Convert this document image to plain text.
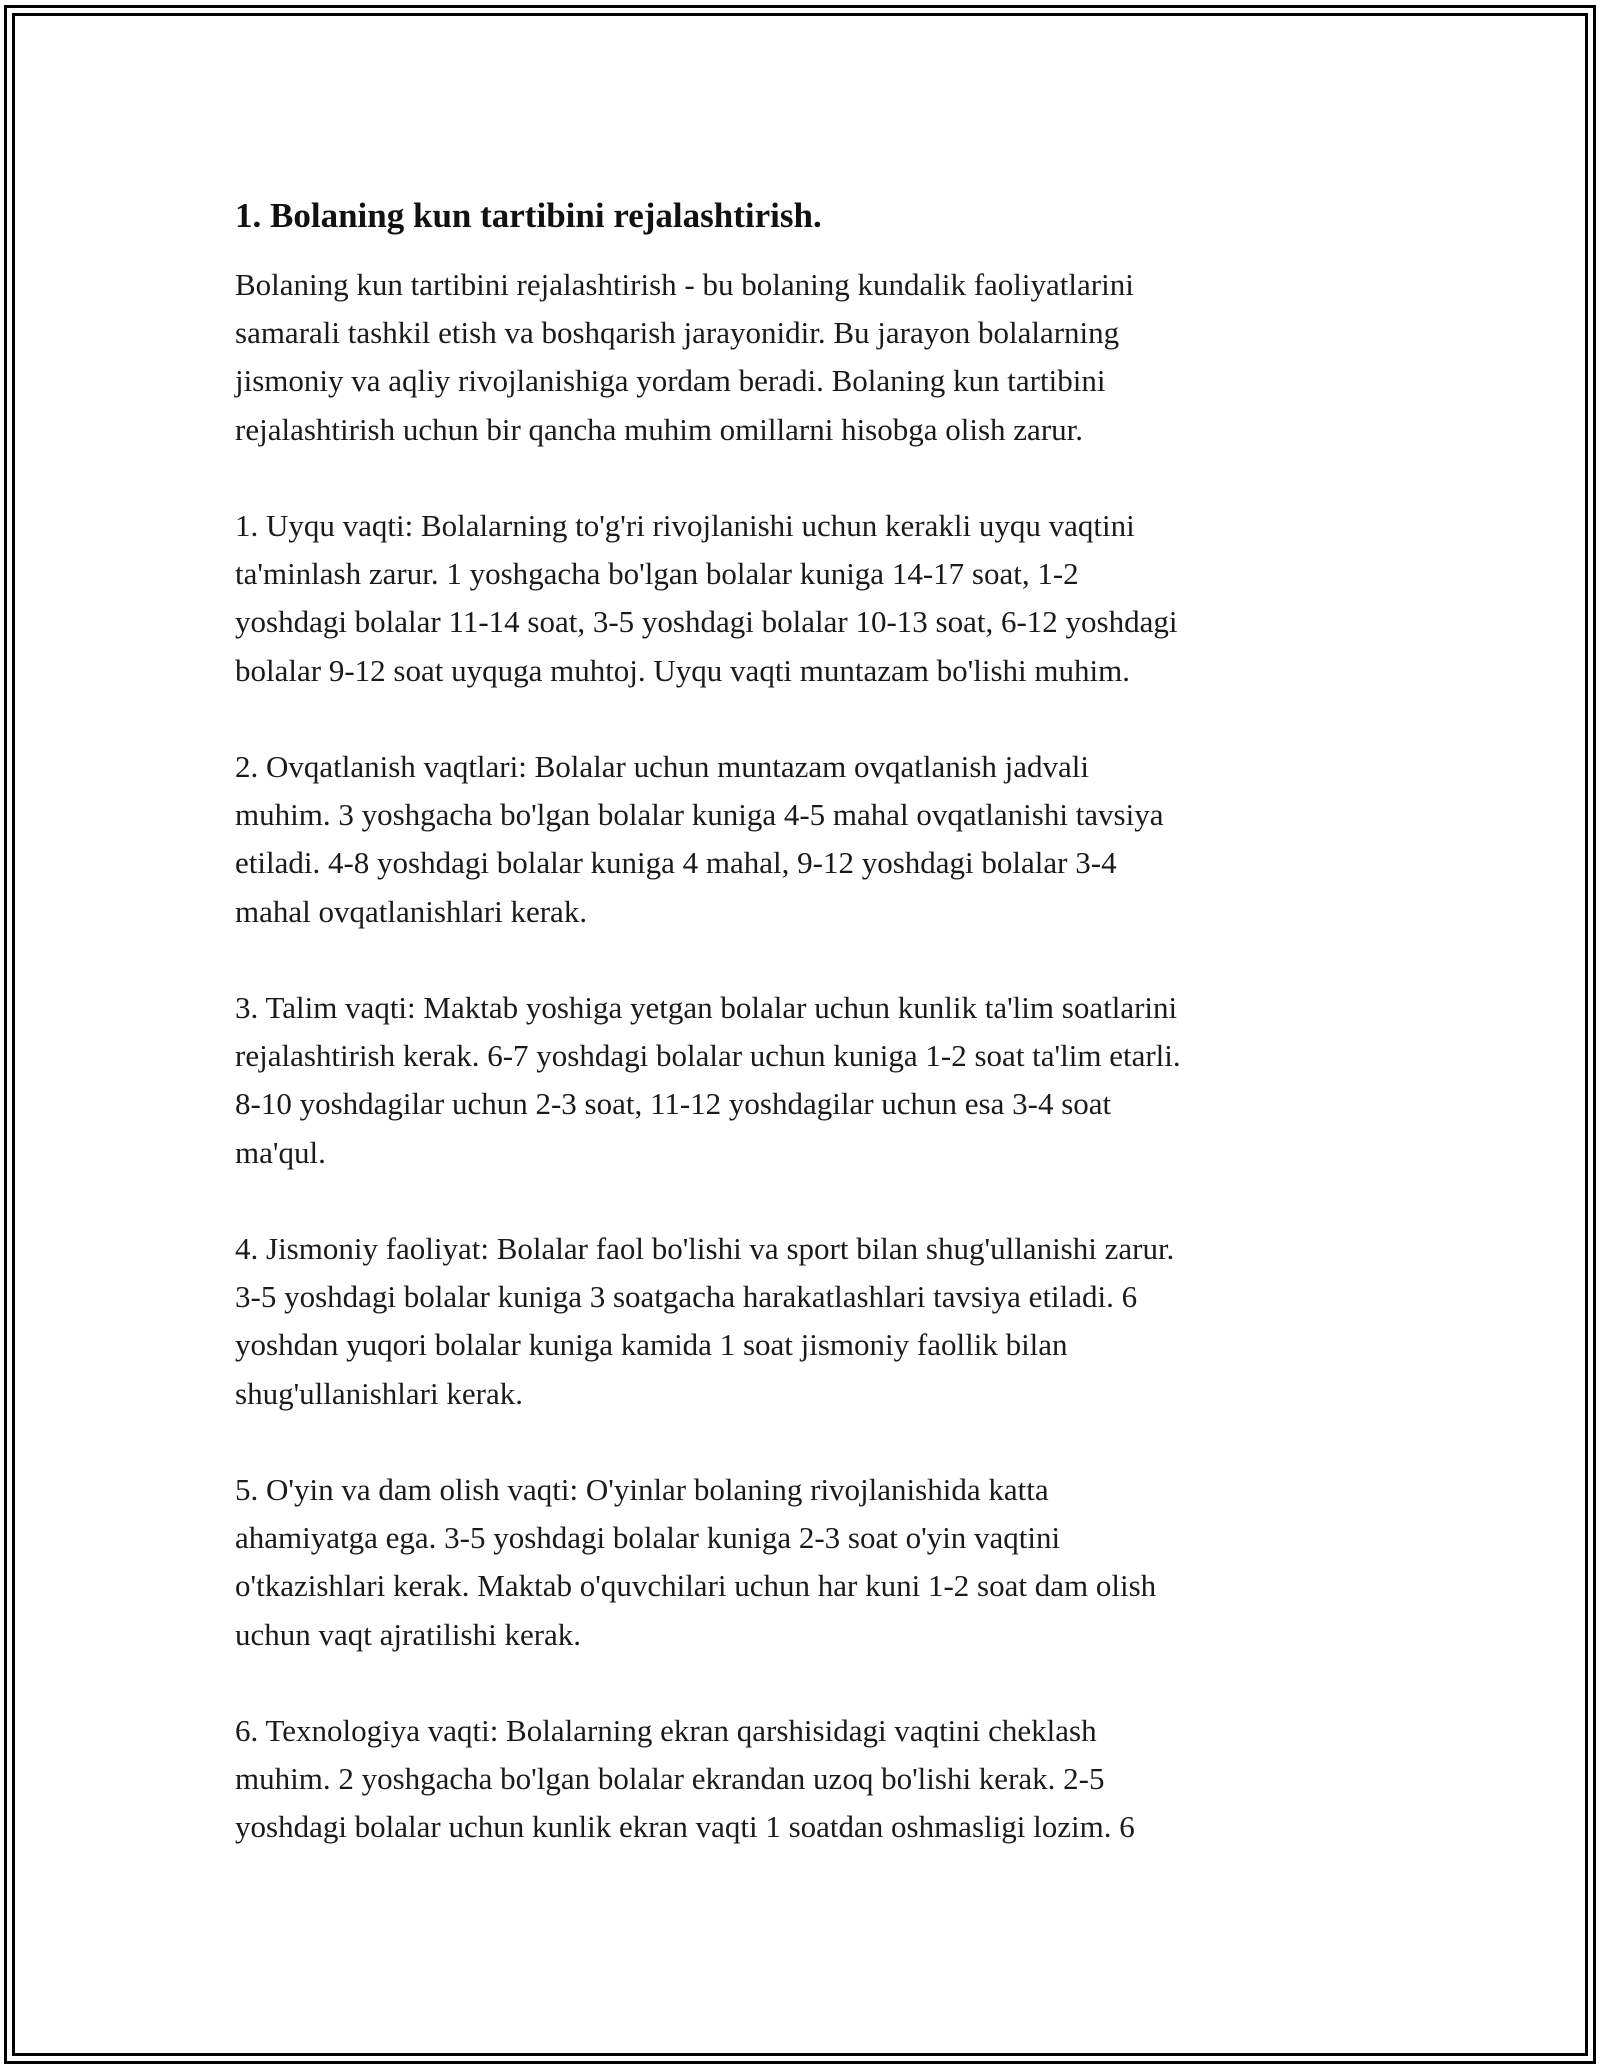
1. Bolaning kun tartibini rejalashtirish.

Bolaning kun tartibini rejalashtirish - bu bolaning kundalik faoliyatlarini
samarali tashkil etish va boshqarish jarayonidir. Bu jarayon bolalarning
jismoniy va aqliy rivojlanishiga yordam beradi. Bolaning kun tartibini
rejalashtirish uchun bir qancha muhim omillarni hisobga olish zarur.

1. Uyqu vaqti: Bolalarning to'g'ri rivojlanishi uchun kerakli uyqu vaqtini
ta'minlash zarur. 1 yoshgacha bo'lgan bolalar kuniga 14-17 soat, 1-2
yoshdagi bolalar 11-14 soat, 3-5 yoshdagi bolalar 10-13 soat, 6-12 yoshdagi
bolalar 9-12 soat uyquga muhtoj. Uyqu vaqti muntazam bo'lishi muhim.

2. Ovqatlanish vaqtlari: Bolalar uchun muntazam ovqatlanish jadvali
muhim. 3 yoshgacha bo'lgan bolalar kuniga 4-5 mahal ovqatlanishi tavsiya
etiladi. 4-8 yoshdagi bolalar kuniga 4 mahal, 9-12 yoshdagi bolalar 3-4
mahal ovqatlanishlari kerak.

3. Talim vaqti: Maktab yoshiga yetgan bolalar uchun kunlik ta'lim soatlarini
rejalashtirish kerak. 6-7 yoshdagi bolalar uchun kuniga 1-2 soat ta'lim etarli.
8-10 yoshdagilar uchun 2-3 soat, 11-12 yoshdagilar uchun esa 3-4 soat
ma'qul.

4. Jismoniy faoliyat: Bolalar faol bo'lishi va sport bilan shug'ullanishi zarur.
3-5 yoshdagi bolalar kuniga 3 soatgacha harakatlashlari tavsiya etiladi. 6
yoshdan yuqori bolalar kuniga kamida 1 soat jismoniy faollik bilan
shug'ullanishlari kerak.

5. O'yin va dam olish vaqti: O'yinlar bolaning rivojlanishida katta
ahamiyatga ega. 3-5 yoshdagi bolalar kuniga 2-3 soat o'yin vaqtini
o'tkazishlari kerak. Maktab o'quvchilari uchun har kuni 1-2 soat dam olish
uchun vaqt ajratilishi kerak.

6. Texnologiya vaqti: Bolalarning ekran qarshisidagi vaqtini cheklash
muhim. 2 yoshgacha bo'lgan bolalar ekrandan uzoq bo'lishi kerak. 2-5
yoshdagi bolalar uchun kunlik ekran vaqti 1 soatdan oshmasligi lozim. 6
